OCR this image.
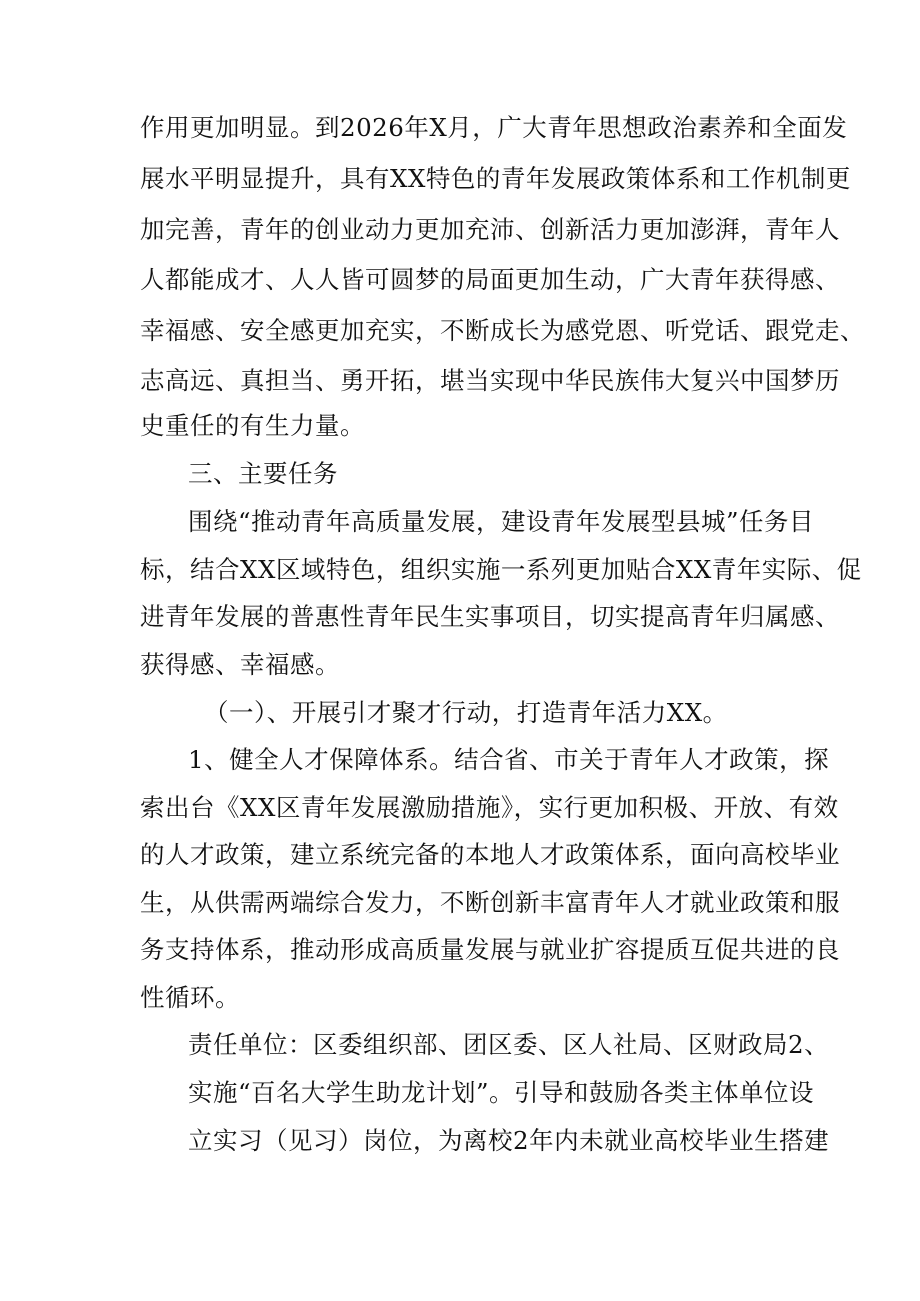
作用更加明显。到2026年X月，广大青年思想政治素养和全面发
展水平明显提升，具有XX特色的青年发展政策体系和工作机制更
加完善，青年的创业动力更加充沛、创新活力更加澎湃，青年人
人都能成才、人人皆可圆梦的局面更加生动，广大青年获得感、
幸福感、安全感更加充实，不断成长为感党恩、听党话、跟党走、
志高远、真担当、勇开拓，堪当实现中华民族伟大复兴中国梦历
史重任的有生力量。
三、主要任务
围绕“推动青年高质量发展，建设青年发展型县城”任务目
标，结合XX区域特色，组织实施一系列更加贴合XX青年实际、促
进青年发展的普惠性青年民生实事项目，切实提高青年归属感、
获得感、幸福感。
（一）、开展引才聚才行动，打造青年活力XX。
1、健全人才保障体系。结合省、市关于青年人才政策，探
索出台《XX区青年发展激励措施》，实行更加积极、开放、有效
的人才政策，建立系统完备的本地人才政策体系，面向高校毕业
生，从供需两端综合发力，不断创新丰富青年人才就业政策和服
务支持体系，推动形成高质量发展与就业扩容提质互促共进的良
性循环。
责任单位：区委组织部、团区委、区人社局、区财政局2、
实施“百名大学生助龙计划”。引导和鼓励各类主体单位设
立实习（见习）岗位，为离校2年内未就业高校毕业生搭建
